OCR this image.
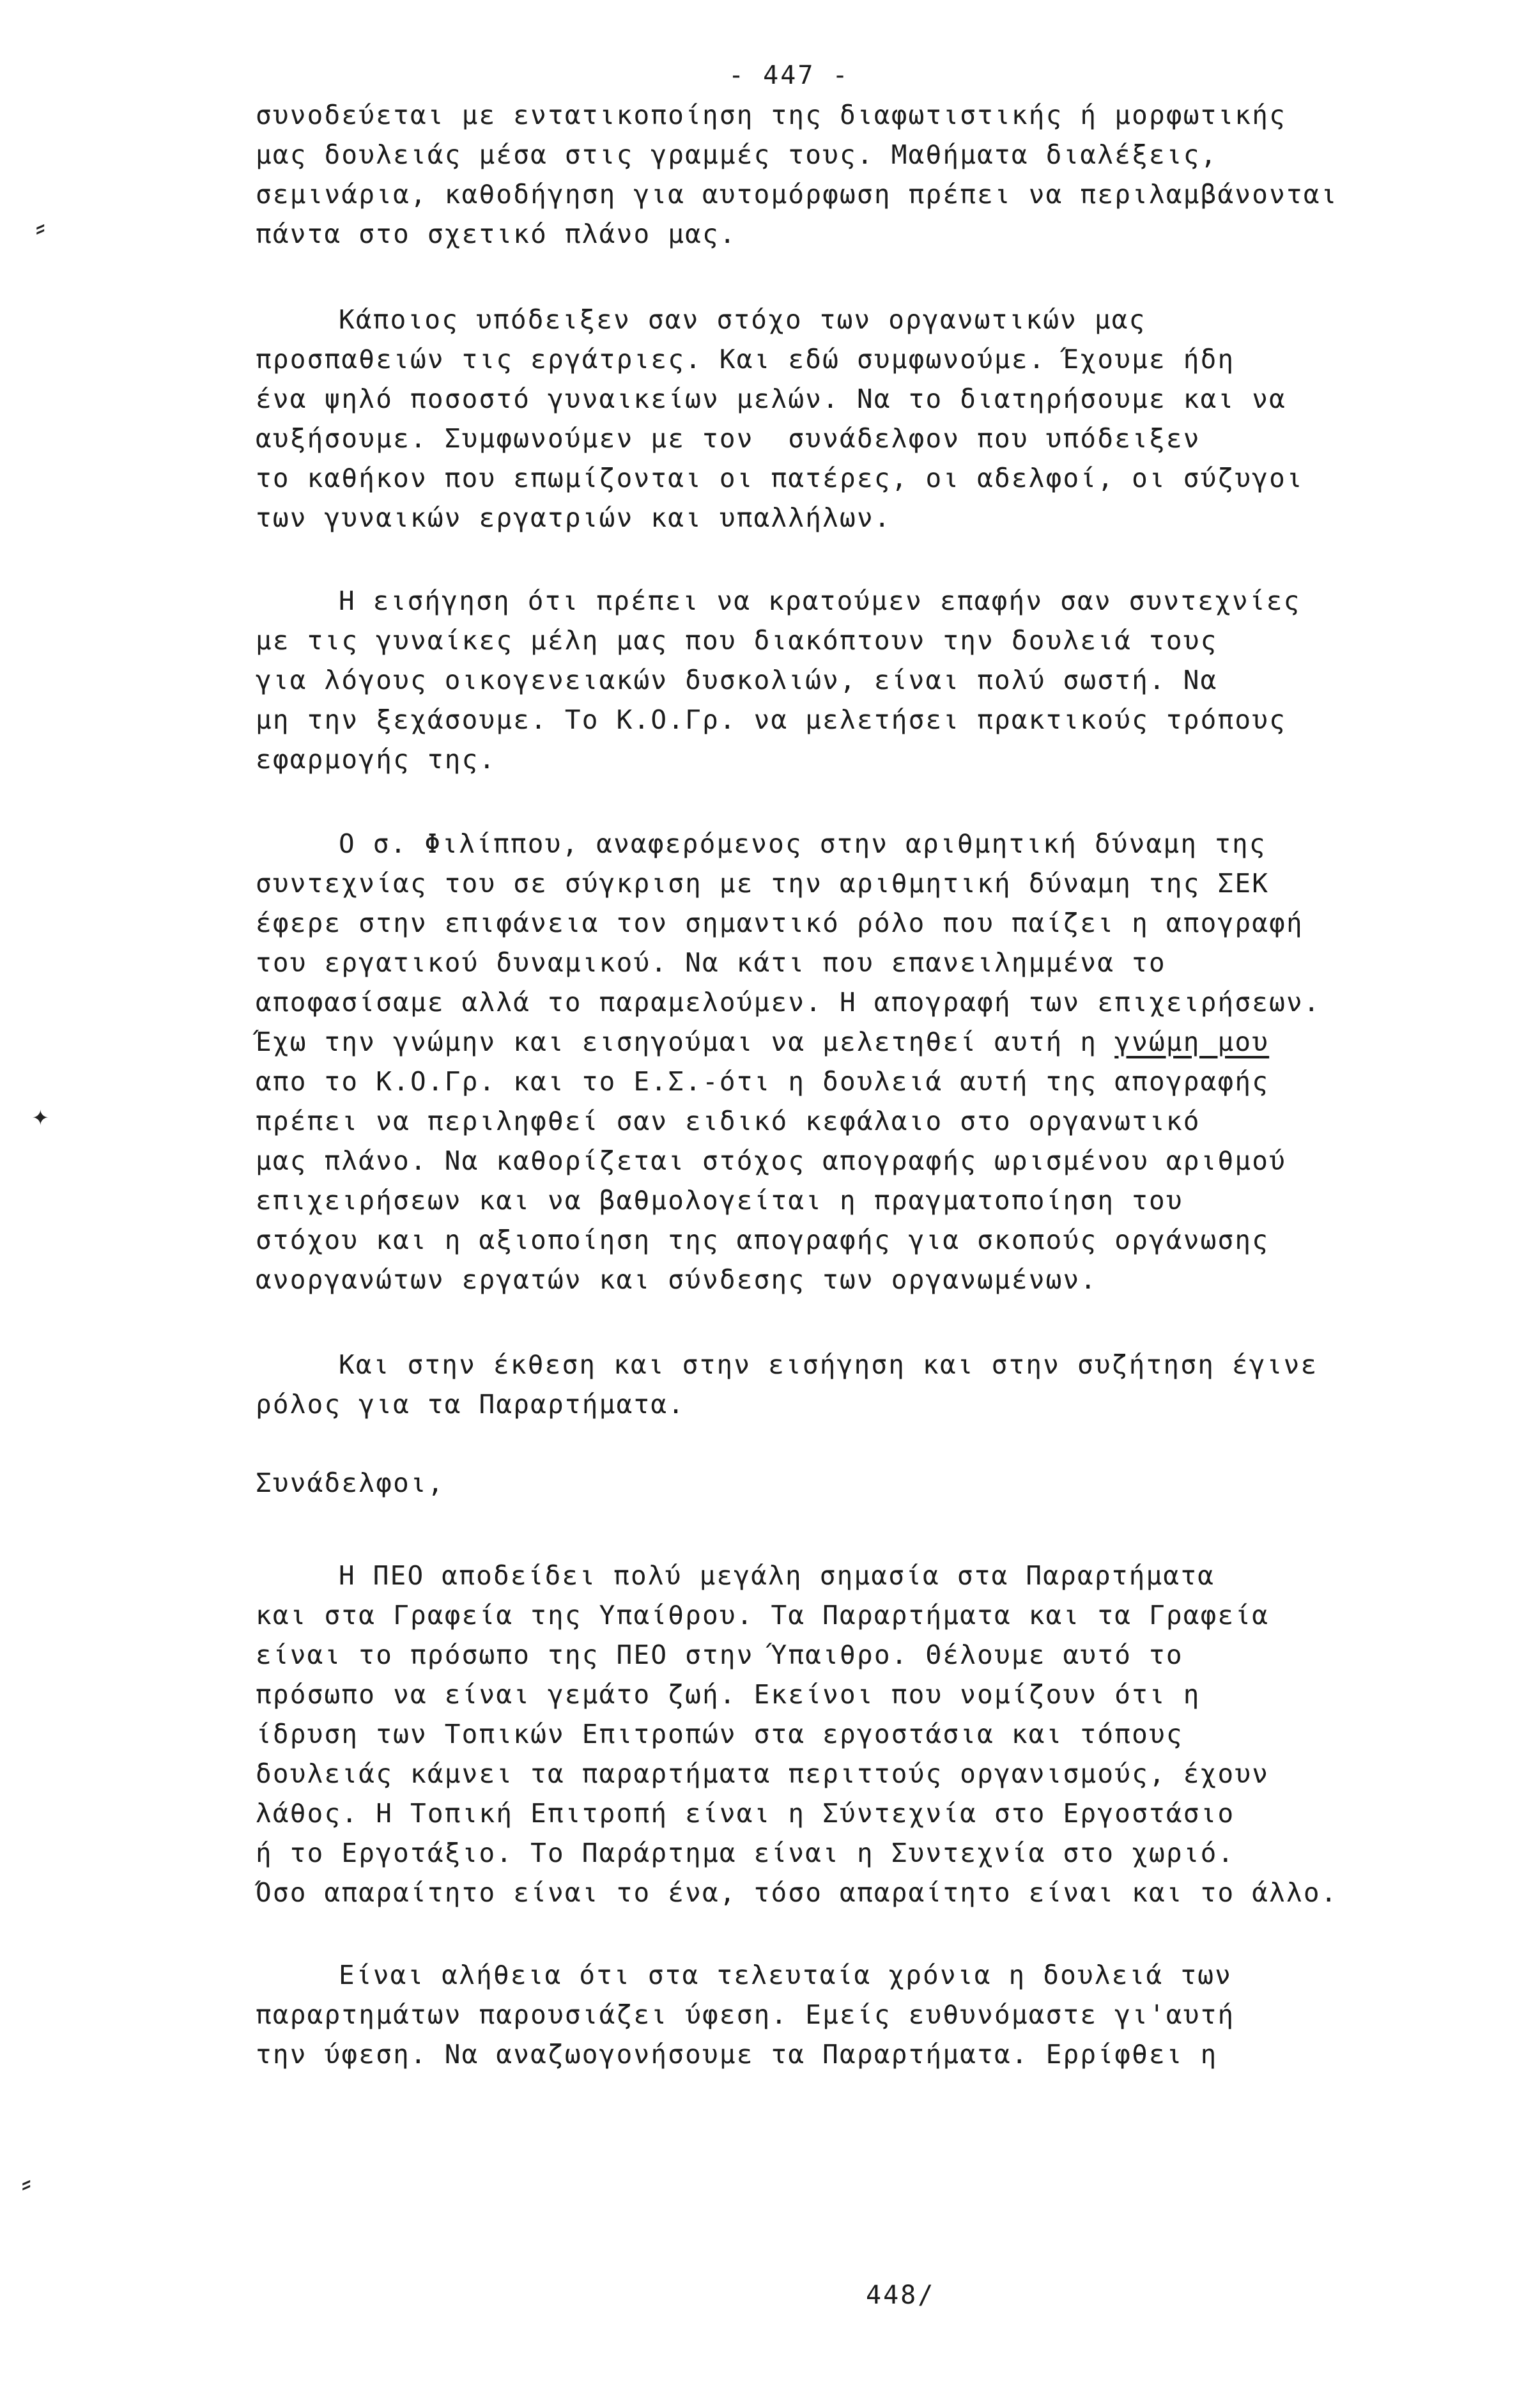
- 447 -
συνοδεύεται με εντατικοποίηση της διαφωτιστικής ή μορφωτικής
μας δουλειάς μέσα στις γραμμές τους. Μαθήματα διαλέξεις,
σεμινάρια, καθοδήγηση για αυτομόρφωση πρέπει να περιλαμβάνονται
πάντα στο σχετικό πλάνο μας.
Κάποιος υπόδειξεν σαν στόχο των οργανωτικών μας
προσπαθειών τις εργάτριες. Και εδώ συμφωνούμε. Έχουμε ήδη
ένα ψηλό ποσοστό γυναικείων μελών. Να το διατηρήσουμε και να
αυξήσουμε. Συμφωνούμεν με τον  συνάδελφον που υπόδειξεν
το καθήκον που επωμίζονται οι πατέρες, οι αδελφοί, οι σύζυγοι
των γυναικών εργατριών και υπαλλήλων.
Η εισήγηση ότι πρέπει να κρατούμεν επαφήν σαν συντεχνίες
με τις γυναίκες μέλη μας που διακόπτουν την δουλειά τους
για λόγους οικογενειακών δυσκολιών, είναι πολύ σωστή. Να
μη την ξεχάσουμε. Το Κ.Ο.Γρ. να μελετήσει πρακτικούς τρόπους
εφαρμογής της.
Ο σ. Φιλίππου, αναφερόμενος στην αριθμητική δύναμη της
συντεχνίας του σε σύγκριση με την αριθμητική δύναμη της ΣΕΚ
έφερε στην επιφάνεια τον σημαντικό ρόλο που παίζει η απογραφή
του εργατικού δυναμικού. Να κάτι που επανειλημμένα το
αποφασίσαμε αλλά το παραμελούμεν. Η απογραφή των επιχειρήσεων.
Έχω την γνώμην και εισηγούμαι να μελετηθεί αυτή η γνώμη μου
απο το Κ.Ο.Γρ. και το Ε.Σ.-ότι η δουλειά αυτή της απογραφής
πρέπει να περιληφθεί σαν ειδικό κεφάλαιο στο οργανωτικό
μας πλάνο. Να καθορίζεται στόχος απογραφής ωρισμένου αριθμού
επιχειρήσεων και να βαθμολογείται η πραγματοποίηση του
στόχου και η αξιοποίηση της απογραφής για σκοπούς οργάνωσης
ανοργανώτων εργατών και σύνδεσης των οργανωμένων.
Και στην έκθεση και στην εισήγηση και στην συζήτηση έγινε
ρόλος για τα Παραρτήματα.
Συνάδελφοι,
Η ΠΕΟ αποδείδει πολύ μεγάλη σημασία στα Παραρτήματα
και στα Γραφεία της Υπαίθρου. Τα Παραρτήματα και τα Γραφεία
είναι το πρόσωπο της ΠΕΟ στην Ύπαιθρο. Θέλουμε αυτό το
πρόσωπο να είναι γεμάτο ζωή. Εκείνοι που νομίζουν ότι η
ίδρυση των Τοπικών Επιτροπών στα εργοστάσια και τόπους
δουλειάς κάμνει τα παραρτήματα περιττούς οργανισμούς, έχουν
λάθος. Η Τοπική Επιτροπή είναι η Σύντεχνία στο Εργοστάσιο
ή το Εργοτάξιο. Το Παράρτημα είναι η Συντεχνία στο χωριό.
Όσο απαραίτητο είναι το ένα, τόσο απαραίτητο είναι και το άλλο.
Είναι αλήθεια ότι στα τελευταία χρόνια η δουλειά των
παραρτημάτων παρουσιάζει ύφεση. Εμείς ευθυνόμαστε γι'αυτή
την ύφεση. Να αναζωογονήσουμε τα Παραρτήματα. Ερρίφθει η
448/
⸗
✦
⸗
